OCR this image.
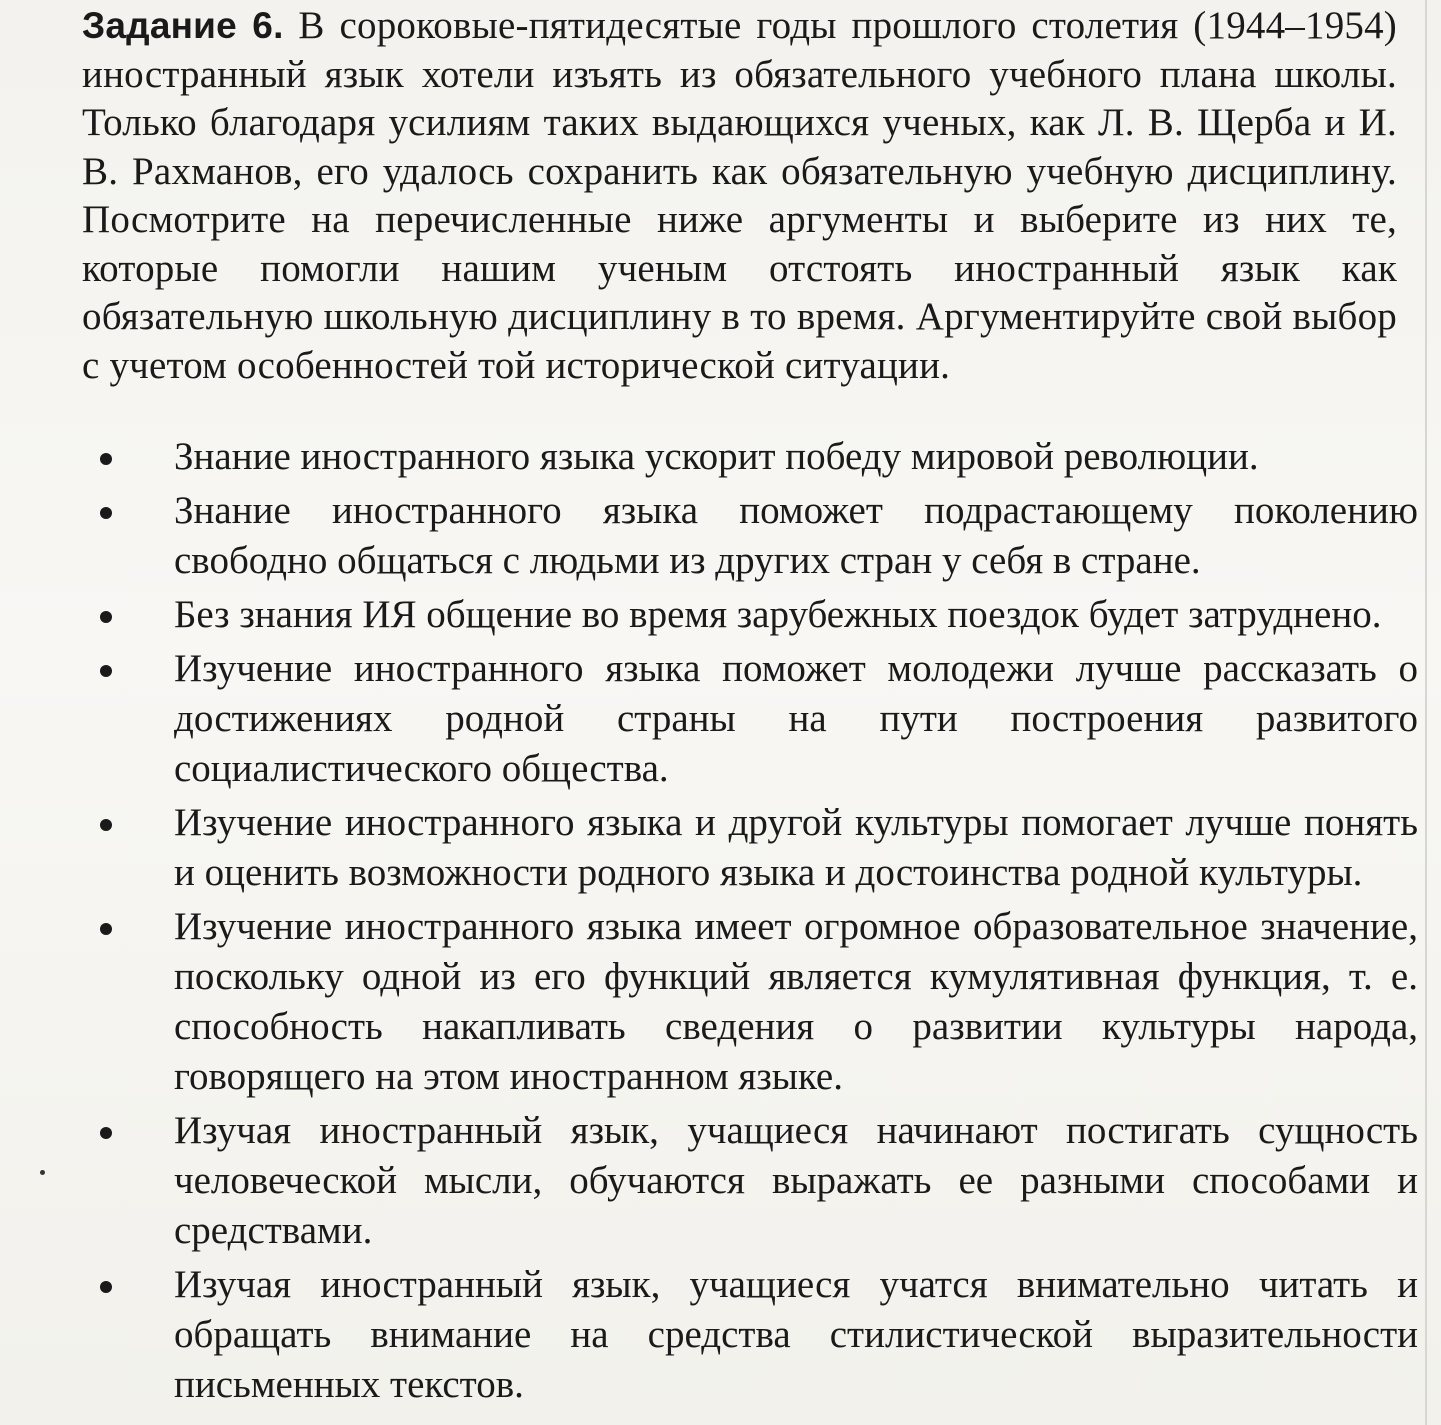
Задание 6. В сороковые-пятидесятые годы прошлого столетия (1944–1954) иностранный язык хотели изъять из обязательного учебного плана школы. Только благодаря усилиям таких выдающихся ученых, как Л. В. Щерба и И. В. Рахманов, его удалось сохранить как обязательную учебную дисциплину. Посмотрите на перечисленные ниже аргументы и выберите из них те, которые помогли нашим ученым отстоять иностранный язык как обязательную школьную дисциплину в то время. Аргументируйте свой выбор с учетом особенностей той исторической ситуации.
Знание иностранного языка ускорит победу мировой революции.
Знание иностранного языка поможет подрастающему поколению свободно общаться с людьми из других стран у себя в стране.
Без знания ИЯ общение во время зарубежных поездок будет затруднено.
Изучение иностранного языка поможет молодежи лучше рассказать о достижениях родной страны на пути построения развитого социалистического общества.
Изучение иностранного языка и другой культуры помогает лучше понять и оценить возможности родного языка и достоинства родной культуры.
Изучение иностранного языка имеет огромное образовательное значение, поскольку одной из его функций является кумулятивная функция, т. е. способность накапливать сведения о развитии культуры народа, говорящего на этом иностранном языке.
Изучая иностранный язык, учащиеся начинают постигать сущность человеческой мысли, обучаются выражать ее разными способами и средствами.
Изучая иностранный язык, учащиеся учатся внимательно читать и обращать внимание на средства стилистической выразительности письменных текстов.
